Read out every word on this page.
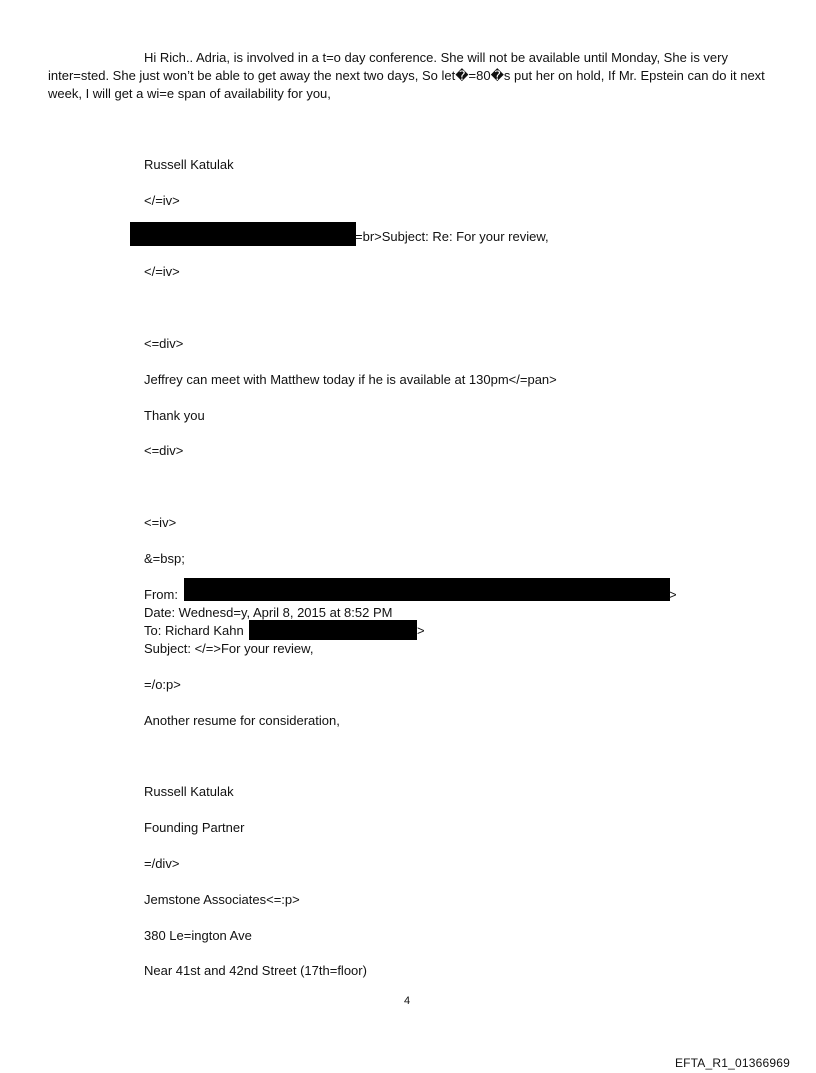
Hi Rich.. Adria, is involved in a t=o day conference. She will not be available until Monday, She is very inter=sted. She just won’t be able to get away the next two days, So let�=80�s put her on hold, If Mr. Epstein can do it next week, I will get a wi=e span of availability for you,
Russell Katulak
</=iv>
=br>Subject: Re: For your review,
</=iv>
<=div>
Jeffrey can meet with Matthew today if he is available at 130pm</=pan>
Thank you
<=div>
<=iv>
&=bsp;
From:	>
Date: Wednesd=y, April 8, 2015 at 8:52 PM
To: Richard Kahn	>
Subject: </=>For your review,
=/o:p>
Another resume for consideration,
Russell Katulak
Founding Partner
=/div>
Jemstone Associates<=:p>
380 Le=ington Ave
Near 41st and 42nd Street (17th=floor)
4
EFTA_R1_01366969
